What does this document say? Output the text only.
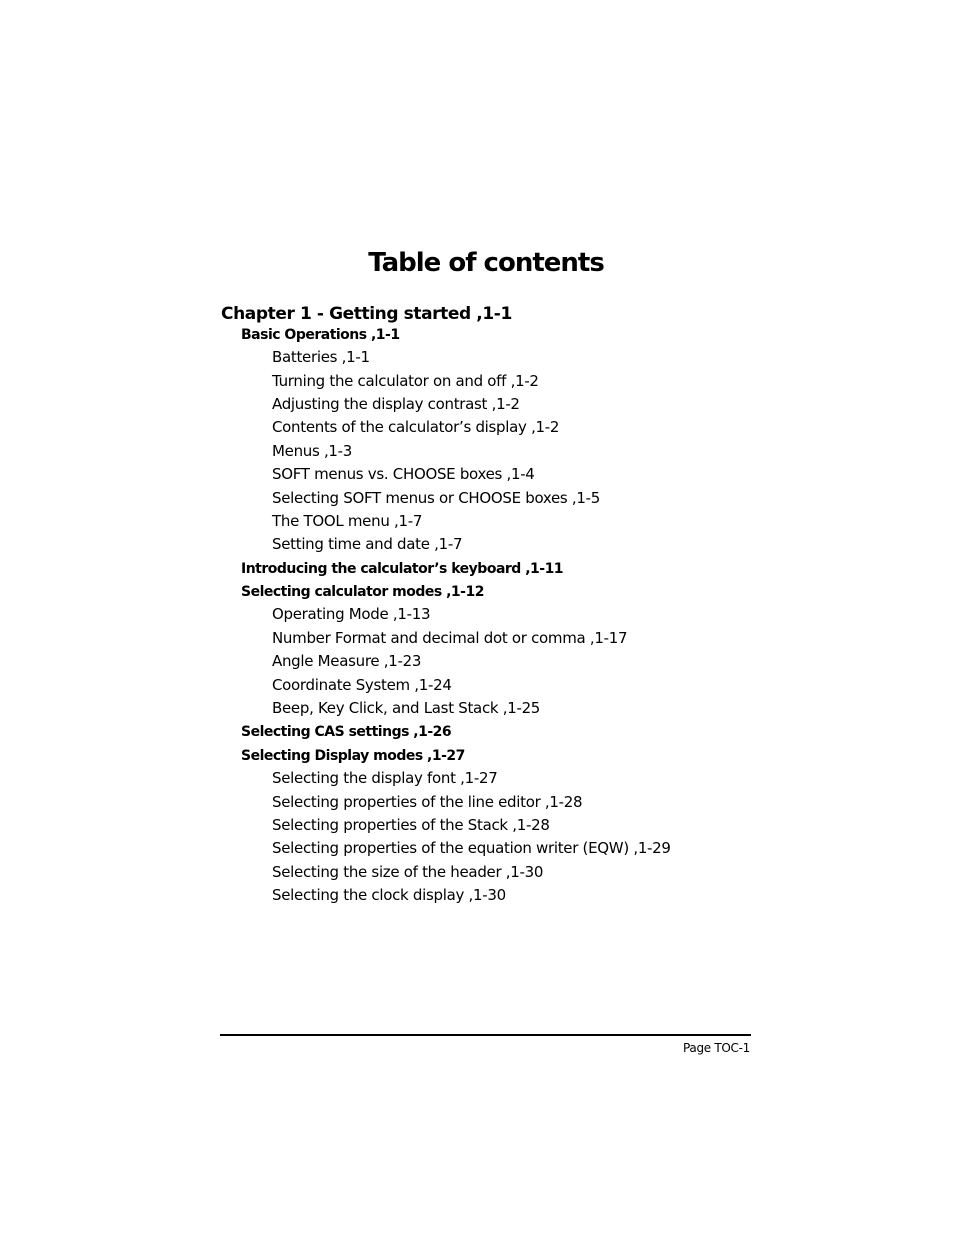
Table of contents
Chapter 1 - Getting started ,1-1
Basic Operations ,1-1
Batteries ,1-1
Turning the calculator on and off ,1-2
Adjusting the display contrast ,1-2
Contents of the calculator’s display ,1-2
Menus ,1-3
SOFT menus vs. CHOOSE boxes ,1-4
Selecting SOFT menus or CHOOSE boxes ,1-5
The TOOL menu ,1-7
Setting time and date ,1-7
Introducing the calculator’s keyboard ,1-11
Selecting calculator modes ,1-12
Operating Mode ,1-13
Number Format and decimal dot or comma ,1-17
Angle Measure ,1-23
Coordinate System ,1-24
Beep, Key Click, and Last Stack ,1-25
Selecting CAS settings ,1-26
Selecting Display modes ,1-27
Selecting the display font ,1-27
Selecting properties of the line editor ,1-28
Selecting properties of the Stack ,1-28
Selecting properties of the equation writer (EQW) ,1-29
Selecting the size of the header ,1-30
Selecting the clock display ,1-30
Page TOC-1
